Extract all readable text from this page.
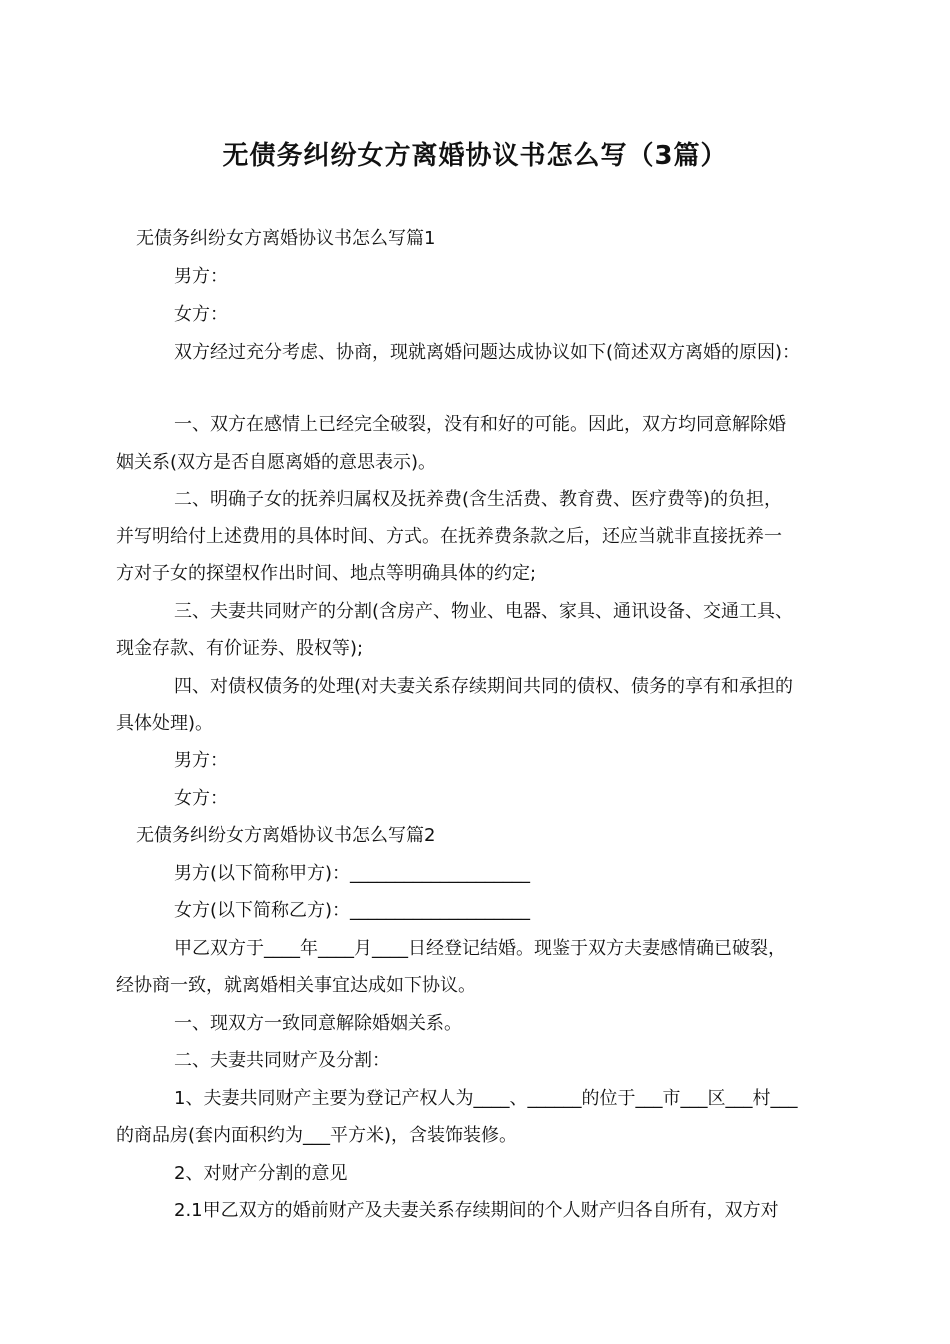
无债务纠纷女方离婚协议书怎么写（3篇）
无债务纠纷女方离婚协议书怎么写篇1
男方：
女方：
双方经过充分考虑、协商，现就离婚问题达成协议如下(简述双方离婚的原因)：
一、双方在感情上已经完全破裂，没有和好的可能。因此，双方均同意解除婚
姻关系(双方是否自愿离婚的意思表示)。
二、明确子女的抚养归属权及抚养费(含生活费、教育费、医疗费等)的负担，
并写明给付上述费用的具体时间、方式。在抚养费条款之后，还应当就非直接抚养一
方对子女的探望权作出时间、地点等明确具体的约定;
三、夫妻共同财产的分割(含房产、物业、电器、家具、通讯设备、交通工具、
现金存款、有价证券、股权等);
四、对债权债务的处理(对夫妻关系存续期间共同的债权、债务的享有和承担的
具体处理)。
男方：
女方：
无债务纠纷女方离婚协议书怎么写篇2
男方(以下简称甲方)：____________________
女方(以下简称乙方)：____________________
甲乙双方于____年____月____日经登记结婚。现鉴于双方夫妻感情确已破裂，
经协商一致，就离婚相关事宜达成如下协议。
一、现双方一致同意解除婚姻关系。
二、夫妻共同财产及分割：
1、夫妻共同财产主要为登记产权人为____、______的位于___市___区___村___
的商品房(套内面积约为___平方米)，含装饰装修。
2、对财产分割的意见
2.1甲乙双方的婚前财产及夫妻关系存续期间的个人财产归各自所有，双方对
